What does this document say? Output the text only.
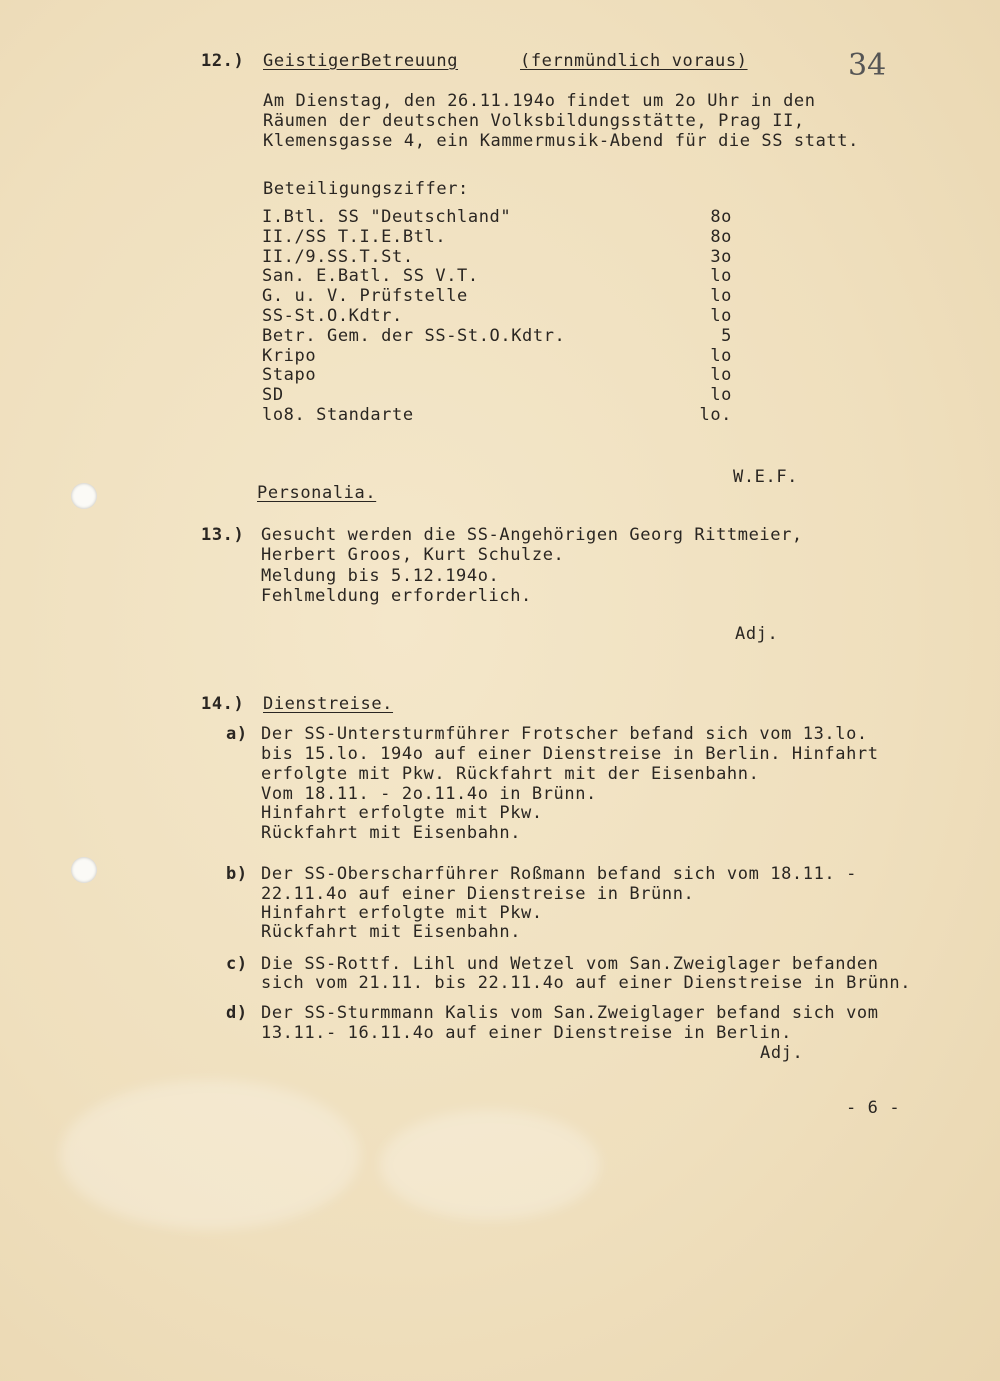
34
12.) GeistigerBetreuung	(fernmündlich voraus)
Am Dienstag, den 26.11.194o findet um 2o Uhr in den
Räumen der deutschen Volksbildungsstätte, Prag II,
Klemensgasse 4, ein Kammermusik-Abend für die SS statt.
Beteiligungsziffer:
I.Btl. SS "Deutschland"	8o
II./SS T.I.E.Btl.	8o
II./9.SS.T.St.	3o
San. E.Batl. SS V.T.	lo
G. u. V. Prüfstelle	lo
SS-St.O.Kdtr.	lo
Betr. Gem. der SS-St.O.Kdtr.	5
Kripo	lo
Stapo	lo
SD	lo
lo8. Standarte	lo.
W.E.F.
Personalia.
13.) Gesucht werden die SS-Angehörigen Georg Rittmeier,
Herbert Groos, Kurt Schulze.
Meldung bis 5.12.194o.
Fehlmeldung erforderlich.
Adj.
14.) Dienstreise.
a) Der SS-Untersturmführer Frotscher befand sich vom 13.lo.
bis 15.lo. 194o auf einer Dienstreise in Berlin. Hinfahrt
erfolgte mit Pkw. Rückfahrt mit der Eisenbahn.
Vom 18.11. - 2o.11.4o in Brünn.
Hinfahrt erfolgte mit Pkw.
Rückfahrt mit Eisenbahn.
b) Der SS-Oberscharführer Roßmann befand sich vom 18.11. -
22.11.4o auf einer Dienstreise in Brünn.
Hinfahrt erfolgte mit Pkw.
Rückfahrt mit Eisenbahn.
c) Die SS-Rottf. Lihl und Wetzel vom San.Zweiglager befanden
sich vom 21.11. bis 22.11.4o auf einer Dienstreise in Brünn.
d) Der SS-Sturmmann Kalis vom San.Zweiglager befand sich vom
13.11.- 16.11.4o auf einer Dienstreise in Berlin.
Adj.
- 6 -
